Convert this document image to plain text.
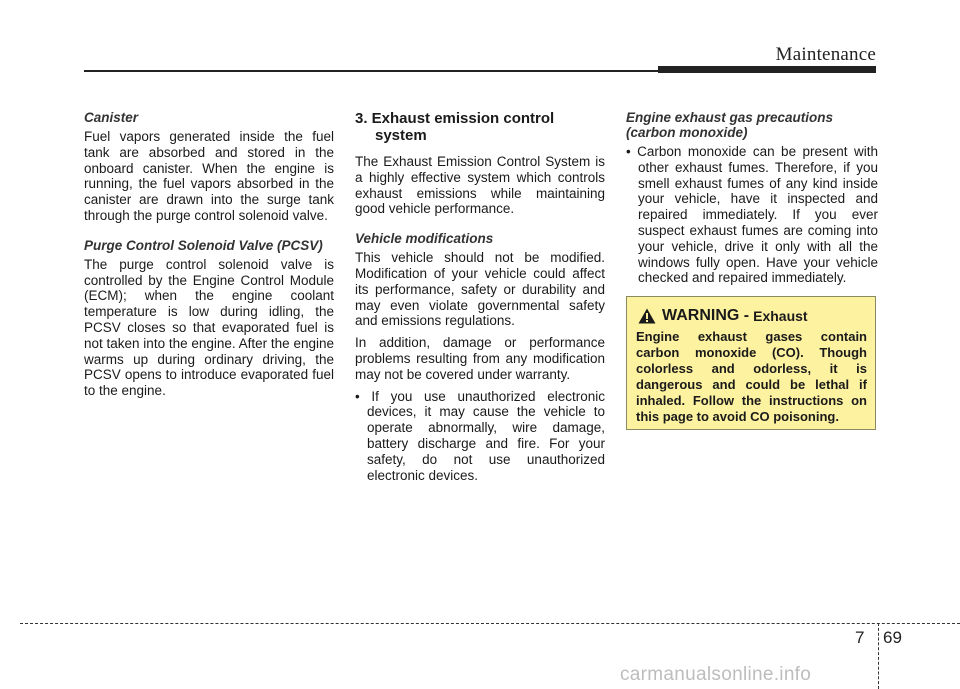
Maintenance

Canister

Fuel vapors generated inside the fuel tank are absorbed and stored in the onboard canister. When the engine is running, the fuel vapors absorbed in the canister are drawn into the surge tank through the purge control solenoid valve.

Purge Control Solenoid Valve (PCSV)

The purge control solenoid valve is controlled by the Engine Control Module (ECM); when the engine coolant temperature is low during idling, the PCSV closes so that evaporated fuel is not taken into the engine. After the engine warms up during ordinary driving, the PCSV opens to introduce evaporated fuel to the engine.

3. Exhaust emission control system

The Exhaust Emission Control System is a highly effective system which controls exhaust emissions while maintaining good vehicle performance.

Vehicle modifications

This vehicle should not be modified. Modification of your vehicle could affect its performance, safety or durability and may even violate governmental safety and emissions regulations.

In addition, damage or performance problems resulting from any modification may not be covered under warranty.

• If you use unauthorized electronic devices, it may cause the vehicle to operate abnormally, wire damage, battery discharge and fire. For your safety, do not use unauthorized electronic devices.

Engine exhaust gas precautions (carbon monoxide)

• Carbon monoxide can be present with other exhaust fumes. Therefore, if you smell exhaust fumes of any kind inside your vehicle, have it inspected and repaired immediately. If you ever suspect exhaust fumes are coming into your vehicle, drive it only with all the windows fully open. Have your vehicle checked and repaired immediately.

WARNING - Exhaust

Engine exhaust gases contain carbon monoxide (CO). Though colorless and odorless, it is dangerous and could be lethal if inhaled. Follow the instructions on this page to avoid CO poisoning.

7 69
carmanualsonline.info
